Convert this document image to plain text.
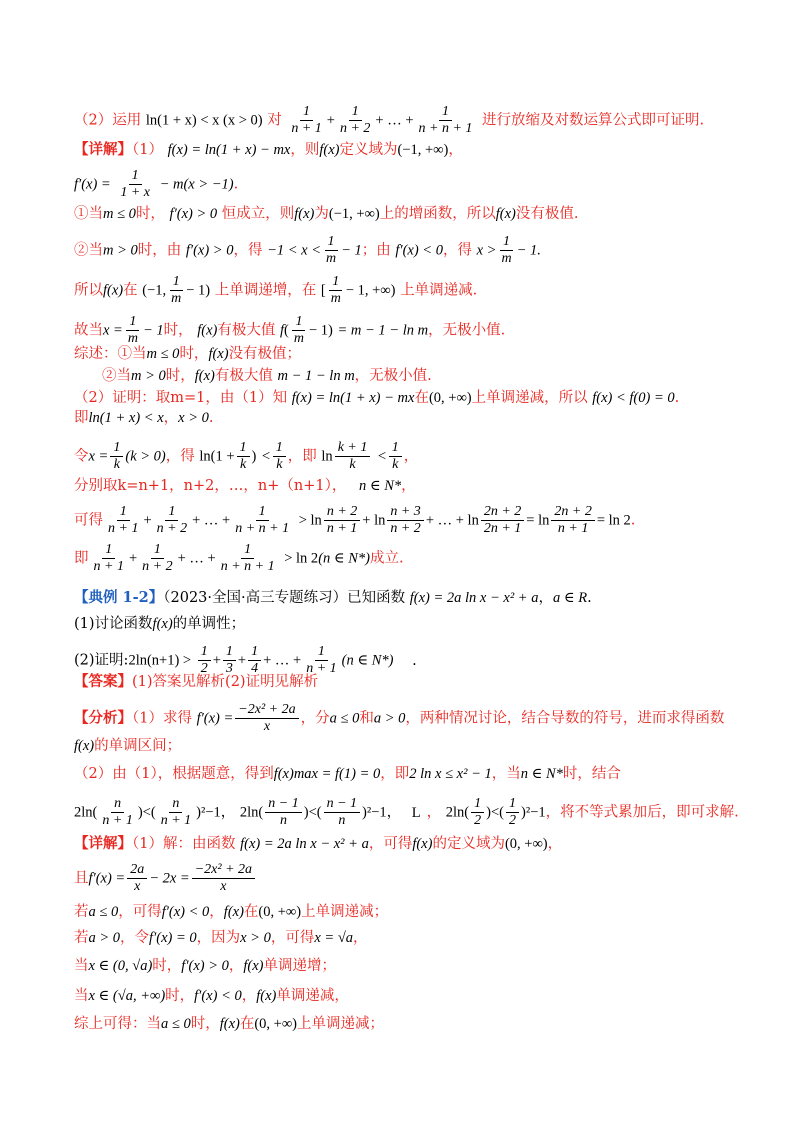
（2）运用 ln(1 + x) < x (x > 0) 对 $\frac{1}{n + 1} + \frac{1}{n + 2}$ + … + $\frac{1}{n + n + 1}$ 进行放缩及对数运算公式即可证明.
【详解】（1） f(x) = ln(1 + x) − mx，则f(x)定义域为(−1, +∞)，
$f'(x) = \frac{1}{1 + x} - m(x > -1)$.
①当m ≤ 0时， f′(x) > 0 恒成立，则f(x)为(−1, +∞)上的增函数，所以f(x)没有极值.
②当m > 0时，由 f′(x) > 0，得 $-1 < x < \frac{1}{m} - 1$；由 f′(x) < 0，得 $x > \frac{1}{m} - 1$.
所以f(x)在 (−1, $\frac{1}{m} - 1$) 上单调递增，在 [ $\frac{1}{m} - 1$, +∞) 上单调递减.
故当$x = \frac{1}{m} - 1$时， f(x)有极大值 $f( \frac{1}{m} - 1) = m - 1 - \ln m$，无极小值.
综述：①当m ≤ 0时，f(x)没有极值；
②当m > 0时，f(x)有极大值 m − 1 − ln m，无极小值.
（2）证明：取m=1，由（1）知 f(x) = ln(1 + x) − mx在(0, +∞)上单调递减，所以 f(x) < f(0) = 0.
即ln(1 + x) < x，x > 0.
令$x = \frac{1}{k} (k > 0)$，得 $\ln(1 + \frac{1}{k}$ ) < $\frac{1}{k}$ ，即 $\ln \frac{k + 1}{k} < \frac{1}{k}$ ，
分别取k=n+1，n+2，…，n+（n+1）， n ∈ N*，
可得 $\frac{1}{n + 1} + \frac{1}{n + 2}$ + … + $\frac{1}{n + n + 1} > \ln \frac{n + 2}{n + 1} + \ln \frac{n + 3}{n + 2}$ + … + $\ln \frac{2n + 2}{2n + 1} = \ln \frac{2n + 2}{n + 1} = \ln 2$.
即 $\frac{1}{n + 1} + \frac{1}{n + 2}$ + … + $\frac{1}{n + n + 1} > \ln 2(n$ ∈ N*)成立.
【典例 1-2】（2023·全国·高三专题练习）已知函数 f(x) = 2a ln x − x² + a，a ∈ R.
(1)讨论函数f(x)的单调性；
(2)证明:2ln(n+1) > $\frac{1}{2} + \frac{1}{3} + \frac{1}{4}$ + … + $\frac{1}{n + 1} (n$ ∈ N*) .
【答案】(1)答案见解析(2)证明见解析
【分析】（1）求得 $f'(x) = \frac{\text{−2x² + 2a}}{x}$ ，分a ≤ 0和a > 0，两种情况讨论，结合导数的符号，进而求得函数
f(x)的单调区间；
（2）由（1），根据题意，得到f(x)max = f(1) = 0，即2 ln x ≤ x² − 1，当n ∈ N*时，结合
$2\ln( \frac{n}{n + 1}$ )<( $\frac{n}{n + 1} )^2-1$， $2\ln( \frac{n - 1}{n}$ )<( $\frac{n - 1}{n} )^2-1$， L ， $2\ln( \frac{1}{2}$ )<( $\frac{1}{2} )^2-1$，将不等式累加后，即可求解.
【详解】（1）解：由函数 f(x) = 2a ln x − x² + a，可得f(x)的定义域为(0, +∞)，
且$f'(x) = \frac{2a}{x} - 2x = \frac{\text{−2x² + 2a}}{x}$
若a ≤ 0，可得f′(x) < 0，f(x)在(0, +∞)上单调递减；
若a > 0，令f′(x) = 0，因为x > 0，可得x = √a，
当x ∈ (0, √a)时，f′(x) > 0，f(x)单调递增；
当x ∈ (√a, +∞)时，f′(x) < 0，f(x)单调递减，
综上可得：当a ≤ 0时，f(x)在(0, +∞)上单调递减；
